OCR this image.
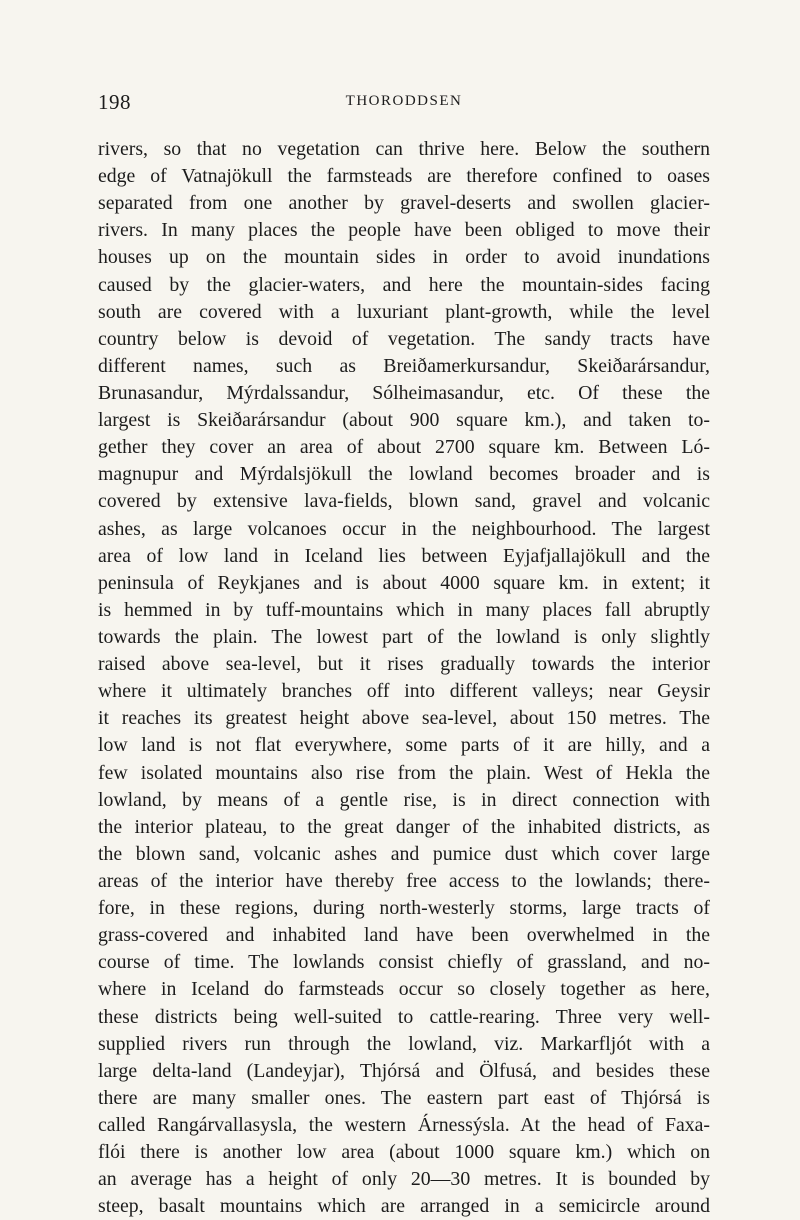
198	THORODDSEN
rivers, so that no vegetation can thrive here. Below the southern
edge of Vatnajökull the farmsteads are therefore confined to oases
separated from one another by gravel-deserts and swollen glacier-
rivers. In many places the people have been obliged to move their
houses up on the mountain sides in order to avoid inundations
caused by the glacier-waters, and here the mountain-sides facing
south are covered with a luxuriant plant-growth, while the level
country below is devoid of vegetation. The sandy tracts have
different names, such as Breiðamerkursandur, Skeiðarársandur,
Brunasandur, Mýrdalssandur, Sólheimasandur, etc. Of these the
largest is Skeiðarársandur (about 900 square km.), and taken to-
gether they cover an area of about 2700 square km. Between Ló-
magnupur and Mýrdalsjökull the lowland becomes broader and is
covered by extensive lava-fields, blown sand, gravel and volcanic
ashes, as large volcanoes occur in the neighbourhood. The largest
area of low land in Iceland lies between Eyjafjallajökull and the
peninsula of Reykjanes and is about 4000 square km. in extent; it
is hemmed in by tuff-mountains which in many places fall abruptly
towards the plain. The lowest part of the lowland is only slightly
raised above sea-level, but it rises gradually towards the interior
where it ultimately branches off into different valleys; near Geysir
it reaches its greatest height above sea-level, about 150 metres. The
low land is not flat everywhere, some parts of it are hilly, and a
few isolated mountains also rise from the plain. West of Hekla the
lowland, by means of a gentle rise, is in direct connection with
the interior plateau, to the great danger of the inhabited districts, as
the blown sand, volcanic ashes and pumice dust which cover large
areas of the interior have thereby free access to the lowlands; there-
fore, in these regions, during north-westerly storms, large tracts of
grass-covered and inhabited land have been overwhelmed in the
course of time. The lowlands consist chiefly of grassland, and no-
where in Iceland do farmsteads occur so closely together as here,
these districts being well-suited to cattle-rearing. Three very well-
supplied rivers run through the lowland, viz. Markarfljót with a
large delta-land (Landeyjar), Thjórsá and Ölfusá, and besides these
there are many smaller ones. The eastern part east of Thjórsá is
called Rangárvallasysla, the western Árnessýsla. At the head of Faxa-
flói there is another low area (about 1000 square km.) which on
an average has a height of only 20—30 metres. It is bounded by
steep, basalt mountains which are arranged in a semicircle around
